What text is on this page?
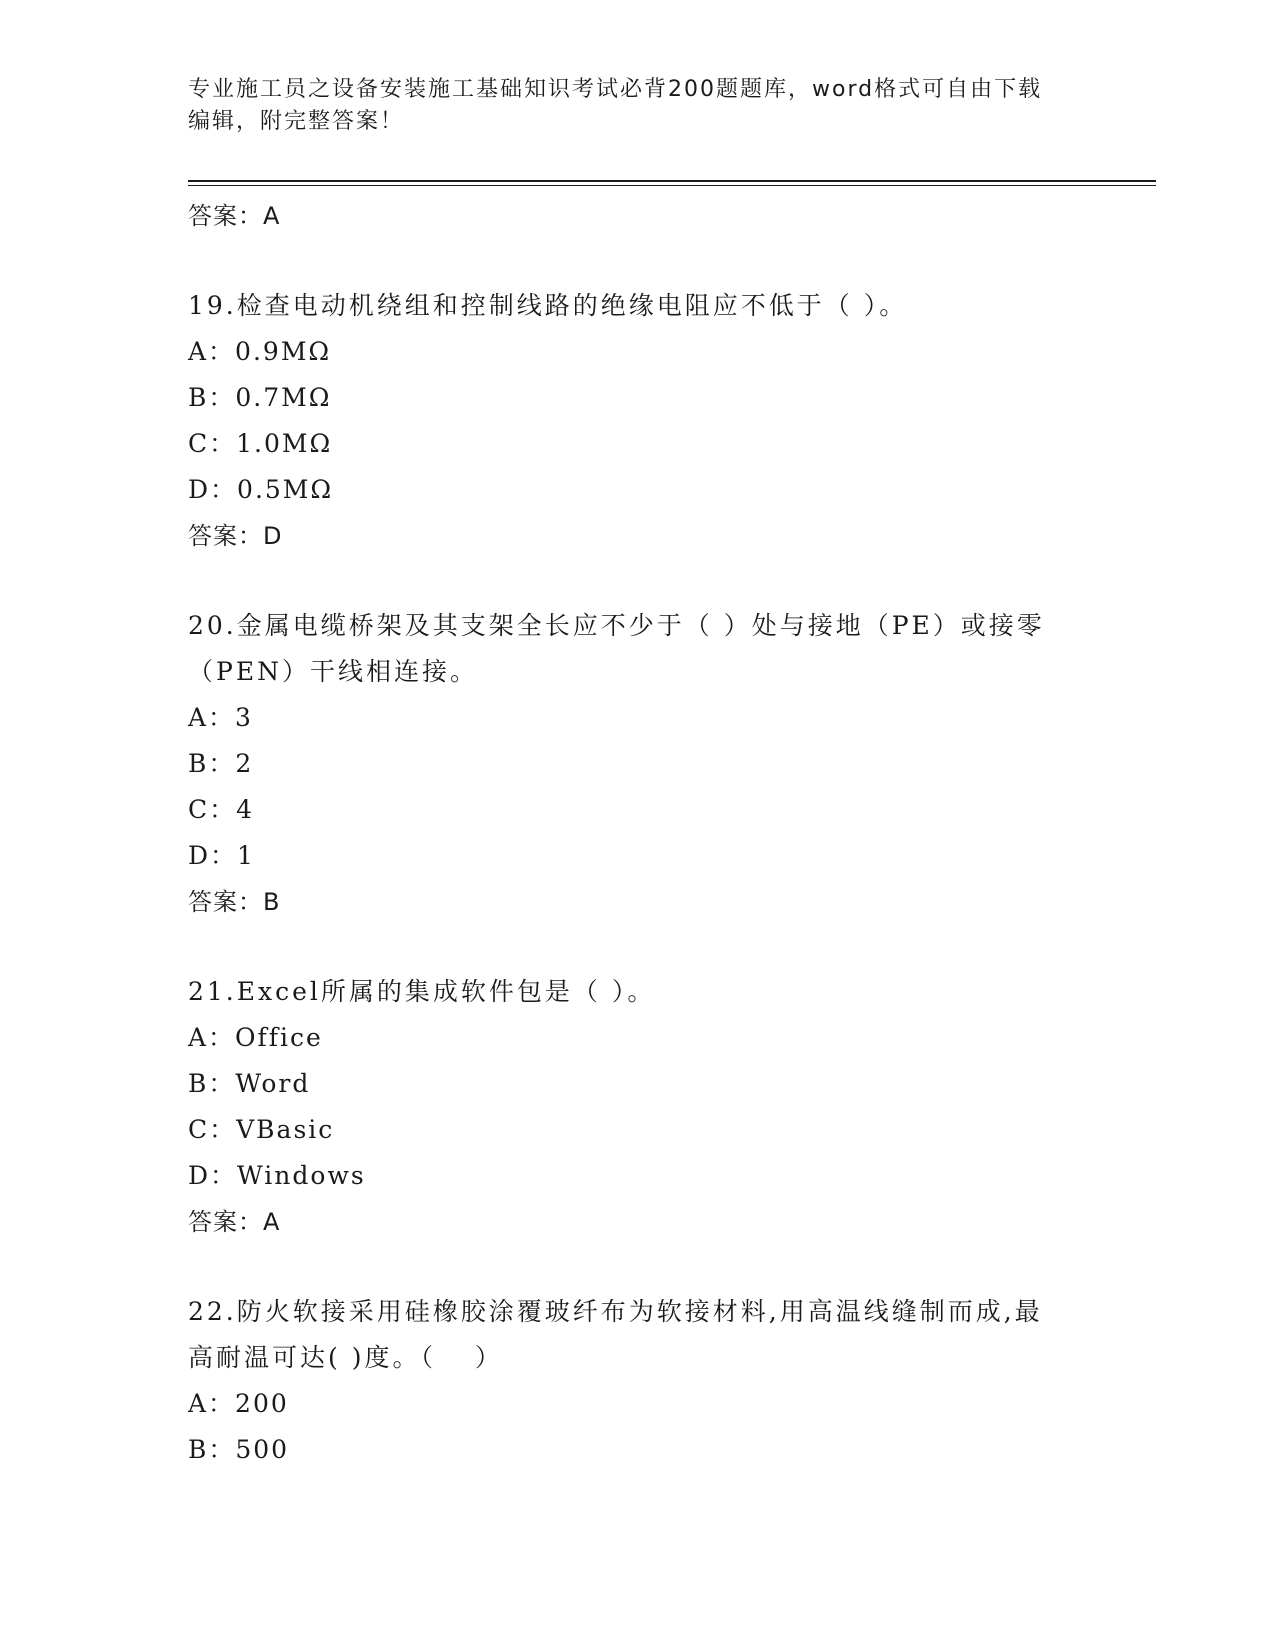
专业施工员之设备安装施工基础知识考试必背200题题库，word格式可自由下载
编辑，附完整答案！
答案：A
19.检查电动机绕组和控制线路的绝缘电阻应不低于（ ）。
A：0.9MΩ
B：0.7MΩ
C：1.0MΩ
D：0.5MΩ
答案：D
20.金属电缆桥架及其支架全长应不少于（ ）处与接地（PE）或接零
（PEN）干线相连接。
A：3
B：2
C：4
D：1
答案：B
21.Excel所属的集成软件包是（ ）。
A：Office
B：Word
C：VBasic
D：Windows
答案：A
22.防火软接采用硅橡胶涂覆玻纤布为软接材料,用高温线缝制而成,最
高耐温可达( )度。（　 ）
A：200
B：500
